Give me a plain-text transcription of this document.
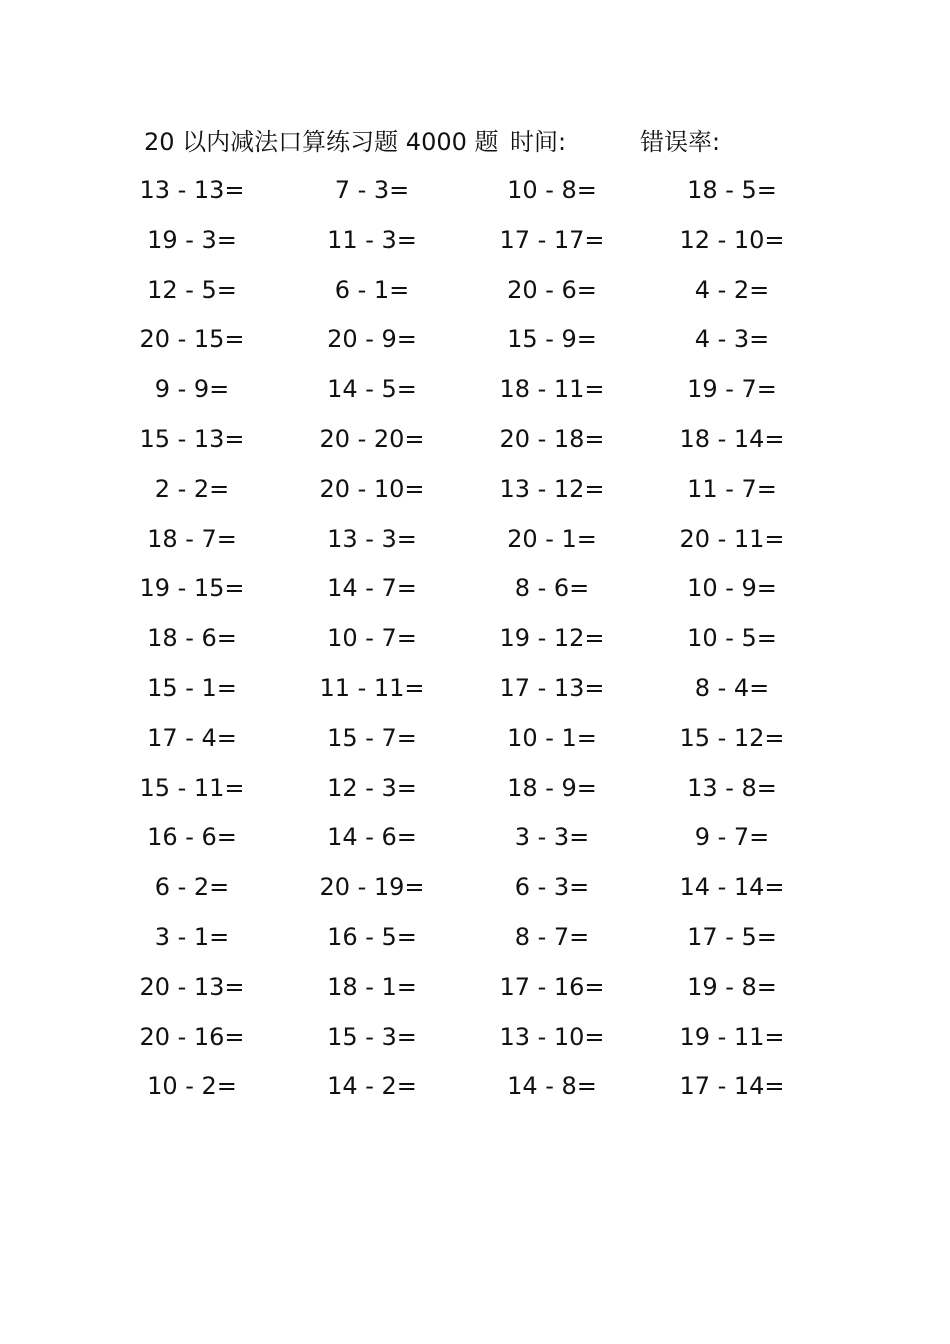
20 以内减法口算练习题 4000 题 时间:	错误率:
13 - 13=	7 - 3=	10 - 8=	18 - 5=
19 - 3=	11 - 3=	17 - 17=	12 - 10=
12 - 5=	6 - 1=	20 - 6=	4 - 2=
20 - 15=	20 - 9=	15 - 9=	4 - 3=
9 - 9=	14 - 5=	18 - 11=	19 - 7=
15 - 13=	20 - 20=	20 - 18=	18 - 14=
2 - 2=	20 - 10=	13 - 12=	11 - 7=
18 - 7=	13 - 3=	20 - 1=	20 - 11=
19 - 15=	14 - 7=	8 - 6=	10 - 9=
18 - 6=	10 - 7=	19 - 12=	10 - 5=
15 - 1=	11 - 11=	17 - 13=	8 - 4=
17 - 4=	15 - 7=	10 - 1=	15 - 12=
15 - 11=	12 - 3=	18 - 9=	13 - 8=
16 - 6=	14 - 6=	3 - 3=	9 - 7=
6 - 2=	20 - 19=	6 - 3=	14 - 14=
3 - 1=	16 - 5=	8 - 7=	17 - 5=
20 - 13=	18 - 1=	17 - 16=	19 - 8=
20 - 16=	15 - 3=	13 - 10=	19 - 11=
10 - 2=	14 - 2=	14 - 8=	17 - 14=
